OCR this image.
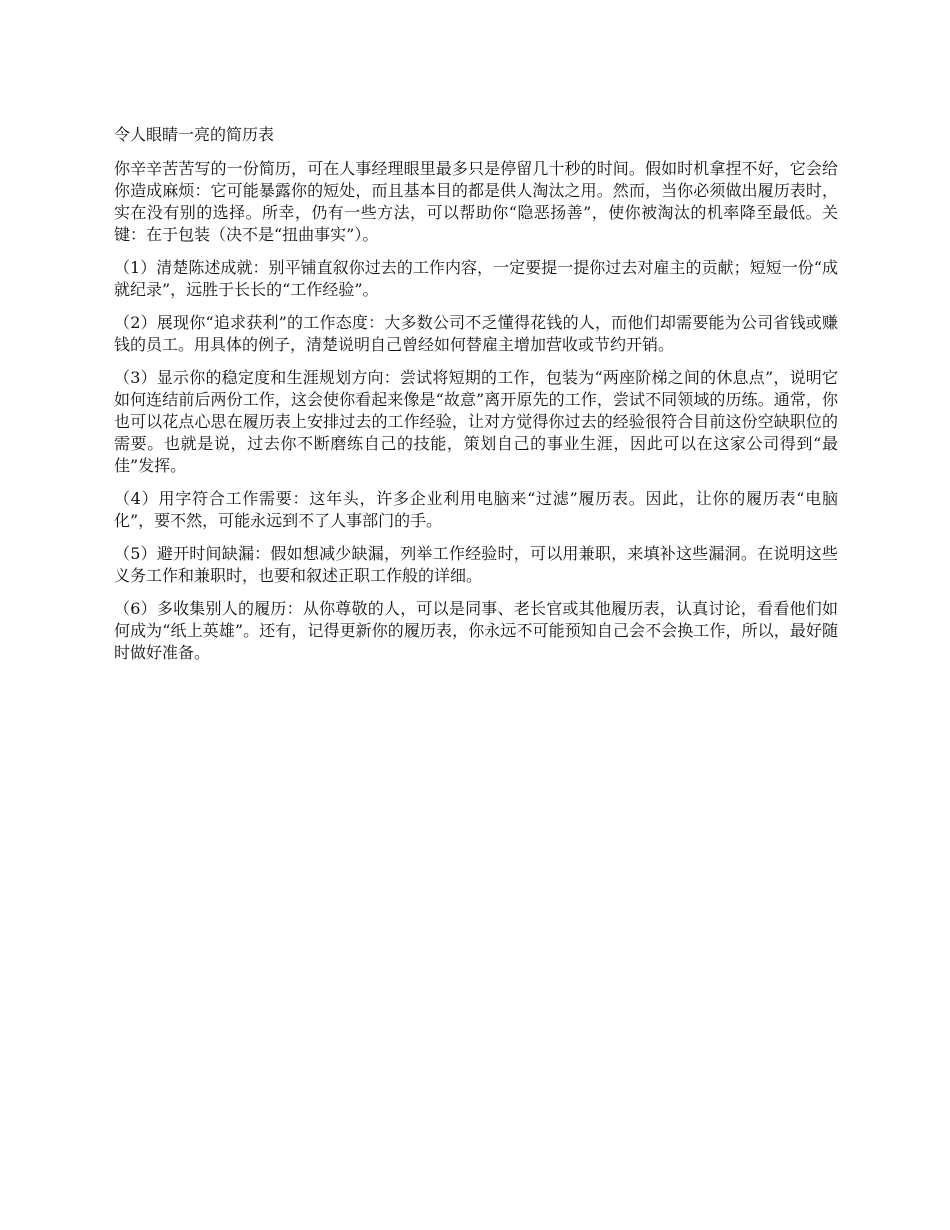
令人眼睛一亮的简历表

你辛辛苦苦写的一份简历，可在人事经理眼里最多只是停留几十秒的时间。假如时机拿捏不好，它会给你造成麻烦：它可能暴露你的短处，而且基本目的都是供人淘汰之用。然而，当你必须做出履历表时，实在没有别的选择。所幸，仍有一些方法，可以帮助你“隐恶扬善”，使你被淘汰的机率降至最低。关键：在于包装（决不是“扭曲事实”）。

（1）清楚陈述成就：别平铺直叙你过去的工作内容，一定要提一提你过去对雇主的贡献；短短一份“成就纪录”，远胜于长长的“工作经验”。

（2）展现你“追求获利”的工作态度：大多数公司不乏懂得花钱的人，而他们却需要能为公司省钱或赚钱的员工。用具体的例子，清楚说明自己曾经如何替雇主增加营收或节约开销。

（3）显示你的稳定度和生涯规划方向：尝试将短期的工作，包装为“两座阶梯之间的休息点”，说明它如何连结前后两份工作，这会使你看起来像是“故意”离开原先的工作，尝试不同领域的历练。通常，你也可以花点心思在履历表上安排过去的工作经验，让对方觉得你过去的经验很符合目前这份空缺职位的需要。也就是说，过去你不断磨练自己的技能，策划自己的事业生涯，因此可以在这家公司得到“最佳”发挥。

（4）用字符合工作需要：这年头，许多企业利用电脑来“过滤”履历表。因此，让你的履历表“电脑化”，要不然，可能永远到不了人事部门的手。

（5）避开时间缺漏：假如想减少缺漏，列举工作经验时，可以用兼职，来填补这些漏洞。在说明这些义务工作和兼职时，也要和叙述正职工作般的详细。

（6）多收集别人的履历：从你尊敬的人，可以是同事、老长官或其他履历表，认真讨论，看看他们如何成为“纸上英雄”。还有，记得更新你的履历表，你永远不可能预知自己会不会换工作，所以，最好随时做好准备。
